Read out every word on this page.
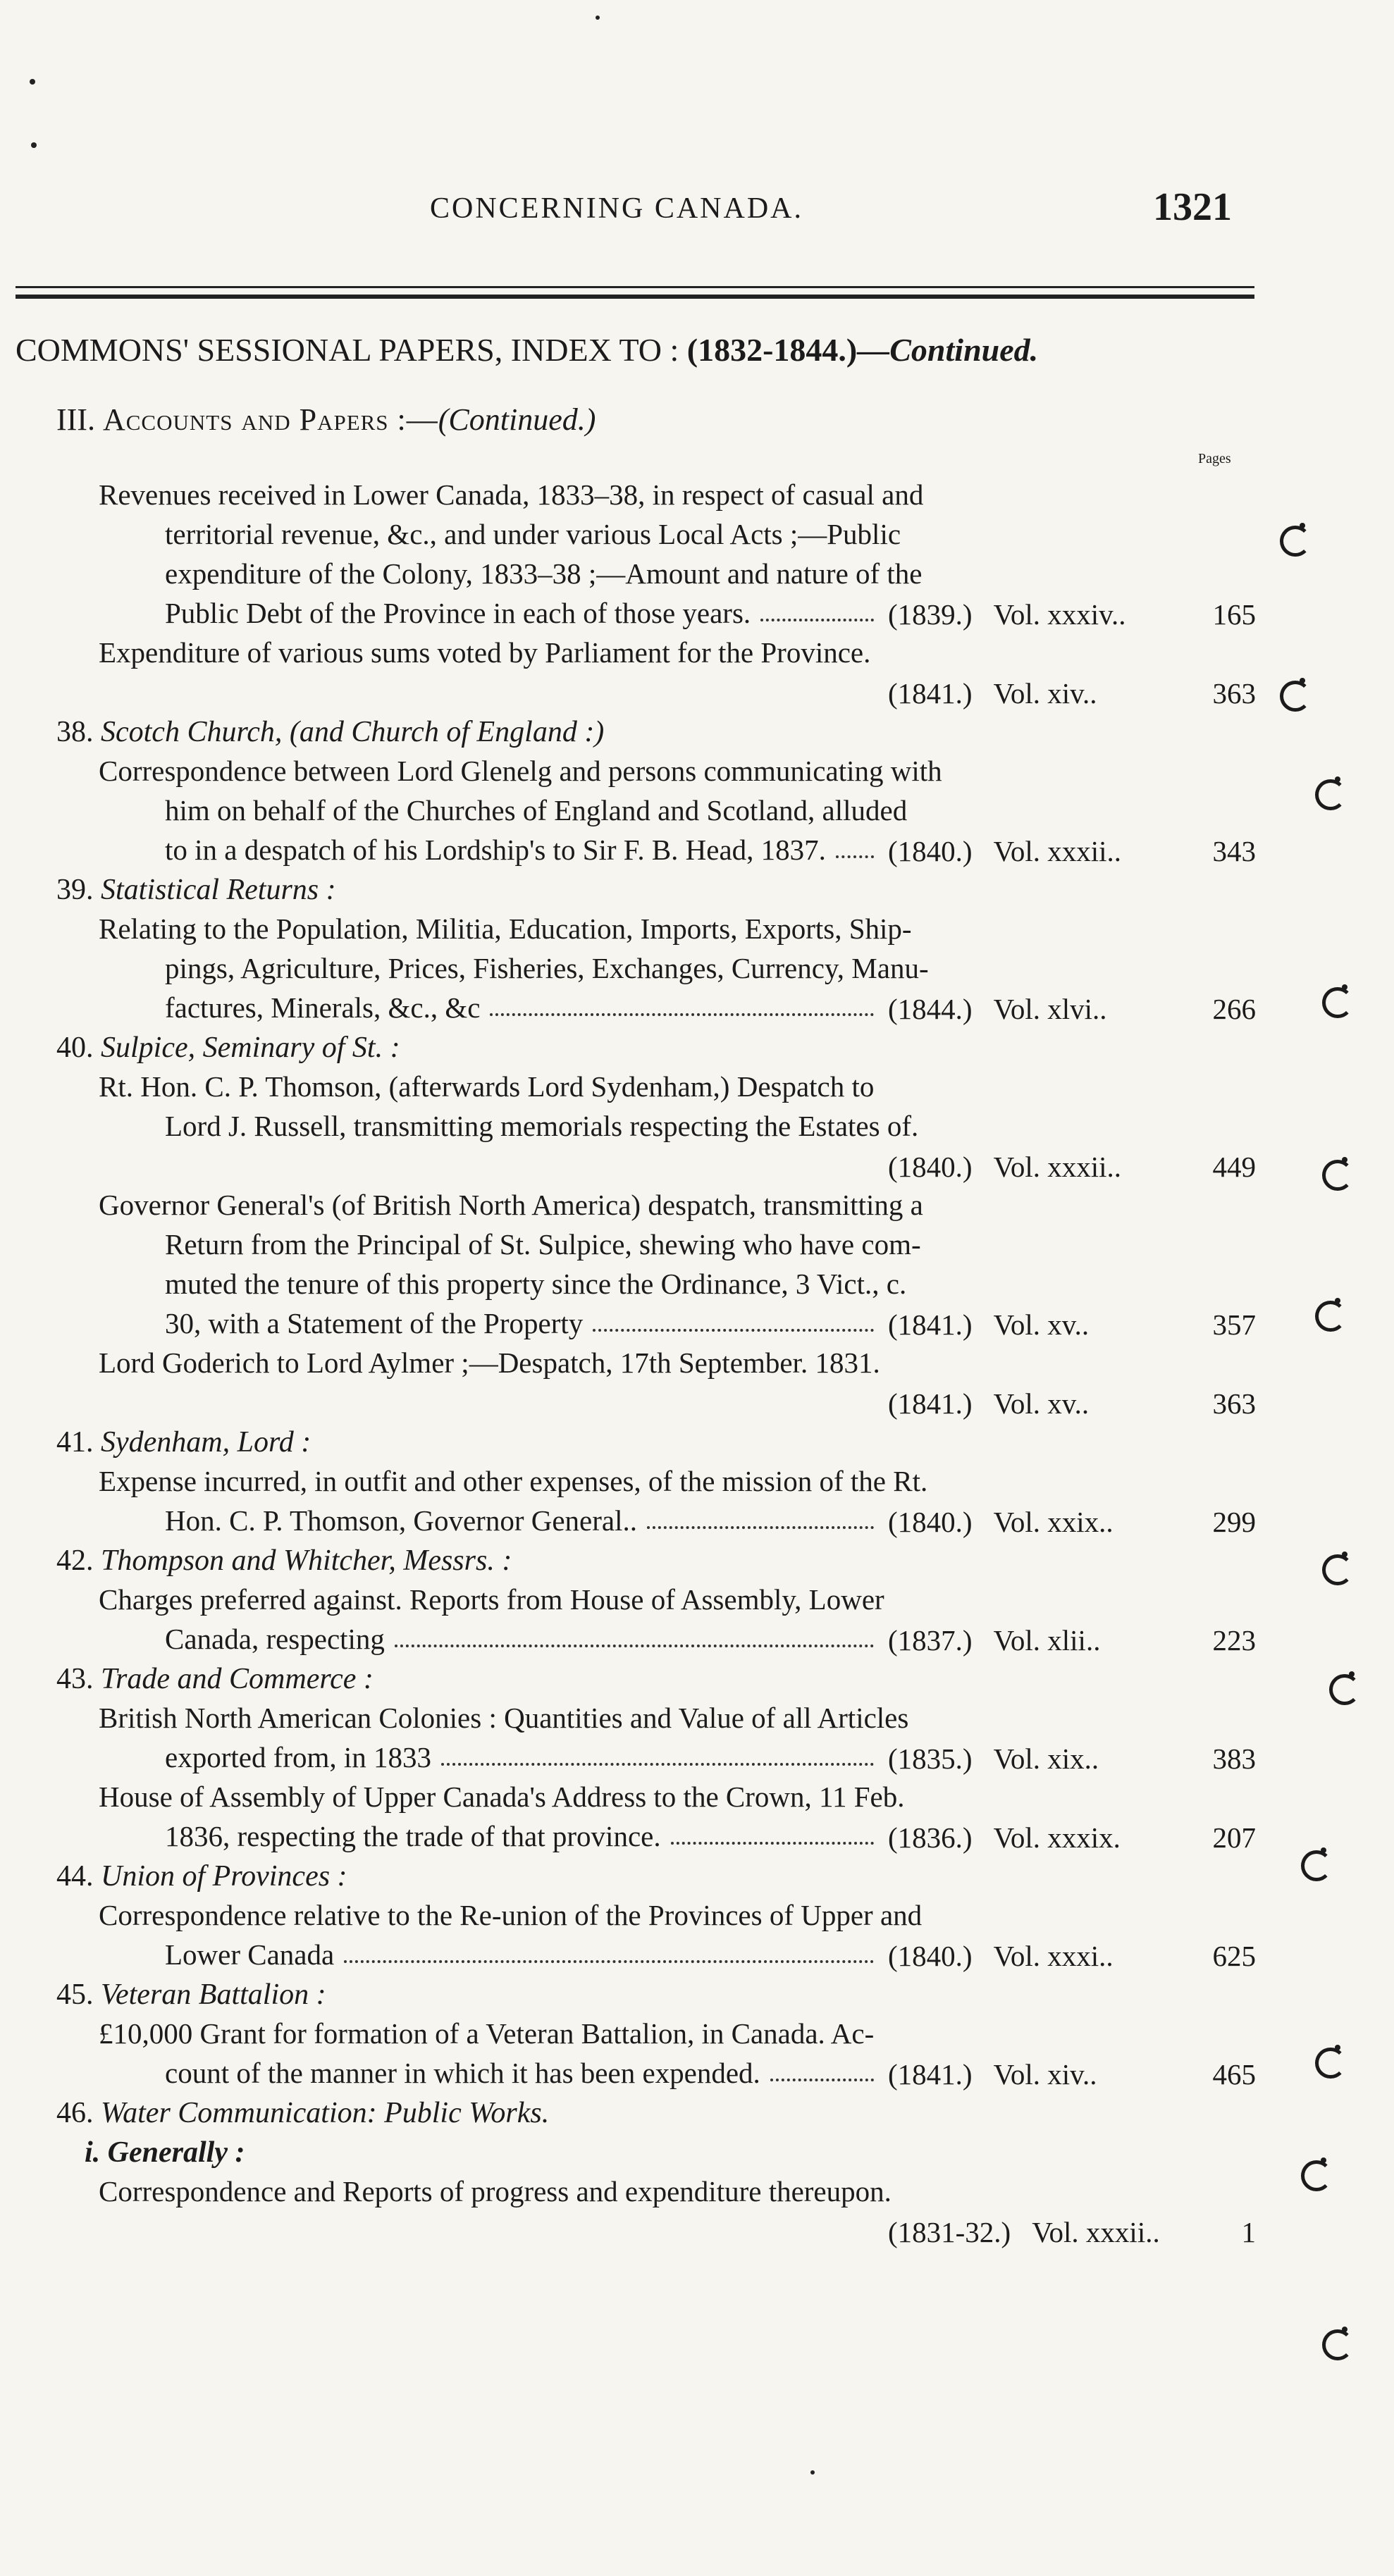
CONCERNING CANADA.	1321
COMMONS' SESSIONAL PAPERS, INDEX TO : (1832-1844.)—Continued.
III. Accounts and Papers :—(Continued.)
Pages
Revenues received in Lower Canada, 1833–38, in respect of casual and
territorial revenue, &c., and under various Local Acts ;—Public
expenditure of the Colony, 1833–38 ;—Amount and nature of the
Public Debt of the Province in each of those years.	(1839.) Vol. xxxiv..	165
Expenditure of various sums voted by Parliament for the Province.
(1841.) Vol. xiv..	363
38. Scotch Church, (and Church of England :)
Correspondence between Lord Glenelg and persons communicating with
him on behalf of the Churches of England and Scotland, alluded
to in a despatch of his Lordship's to Sir F. B. Head, 1837. (1840.) Vol. xxxii..	343
39. Statistical Returns :
Relating to the Population, Militia, Education, Imports, Exports, Ship-
pings, Agriculture, Prices, Fisheries, Exchanges, Currency, Manu-
factures, Minerals, &c., &c	(1844.) Vol. xlvi..	266
40. Sulpice, Seminary of St. :
Rt. Hon. C. P. Thomson, (afterwards Lord Sydenham,) Despatch to
Lord J. Russell, transmitting memorials respecting the Estates of.
(1840.) Vol. xxxii..	449
Governor General's (of British North America) despatch, transmitting a
Return from the Principal of St. Sulpice, shewing who have com-
muted the tenure of this property since the Ordinance, 3 Vict., c.
30, with a Statement of the Property	(1841.) Vol. xv..	357
Lord Goderich to Lord Aylmer ;—Despatch, 17th September. 1831.
(1841.) Vol. xv..	363
41. Sydenham, Lord :
Expense incurred, in outfit and other expenses, of the mission of the Rt.
Hon. C. P. Thomson, Governor General..	(1840.) Vol. xxix..	299
42. Thompson and Whitcher, Messrs. :
Charges preferred against. Reports from House of Assembly, Lower
Canada, respecting	(1837.) Vol. xlii..	223
43. Trade and Commerce :
British North American Colonies : Quantities and Value of all Articles
exported from, in 1833	(1835.) Vol. xix..	383
House of Assembly of Upper Canada's Address to the Crown, 11 Feb.
1836, respecting the trade of that province.	(1836.) Vol. xxxix.	207
44. Union of Provinces :
Correspondence relative to the Re-union of the Provinces of Upper and
Lower Canada	(1840.) Vol. xxxi..	625
45. Veteran Battalion :
£10,000 Grant for formation of a Veteran Battalion, in Canada. Ac-
count of the manner in which it has been expended.	(1841.) Vol. xiv..	465
46. Water Communication: Public Works.
i. Generally :
Correspondence and Reports of progress and expenditure thereupon.
(1831-32.) Vol. xxxii..	1
